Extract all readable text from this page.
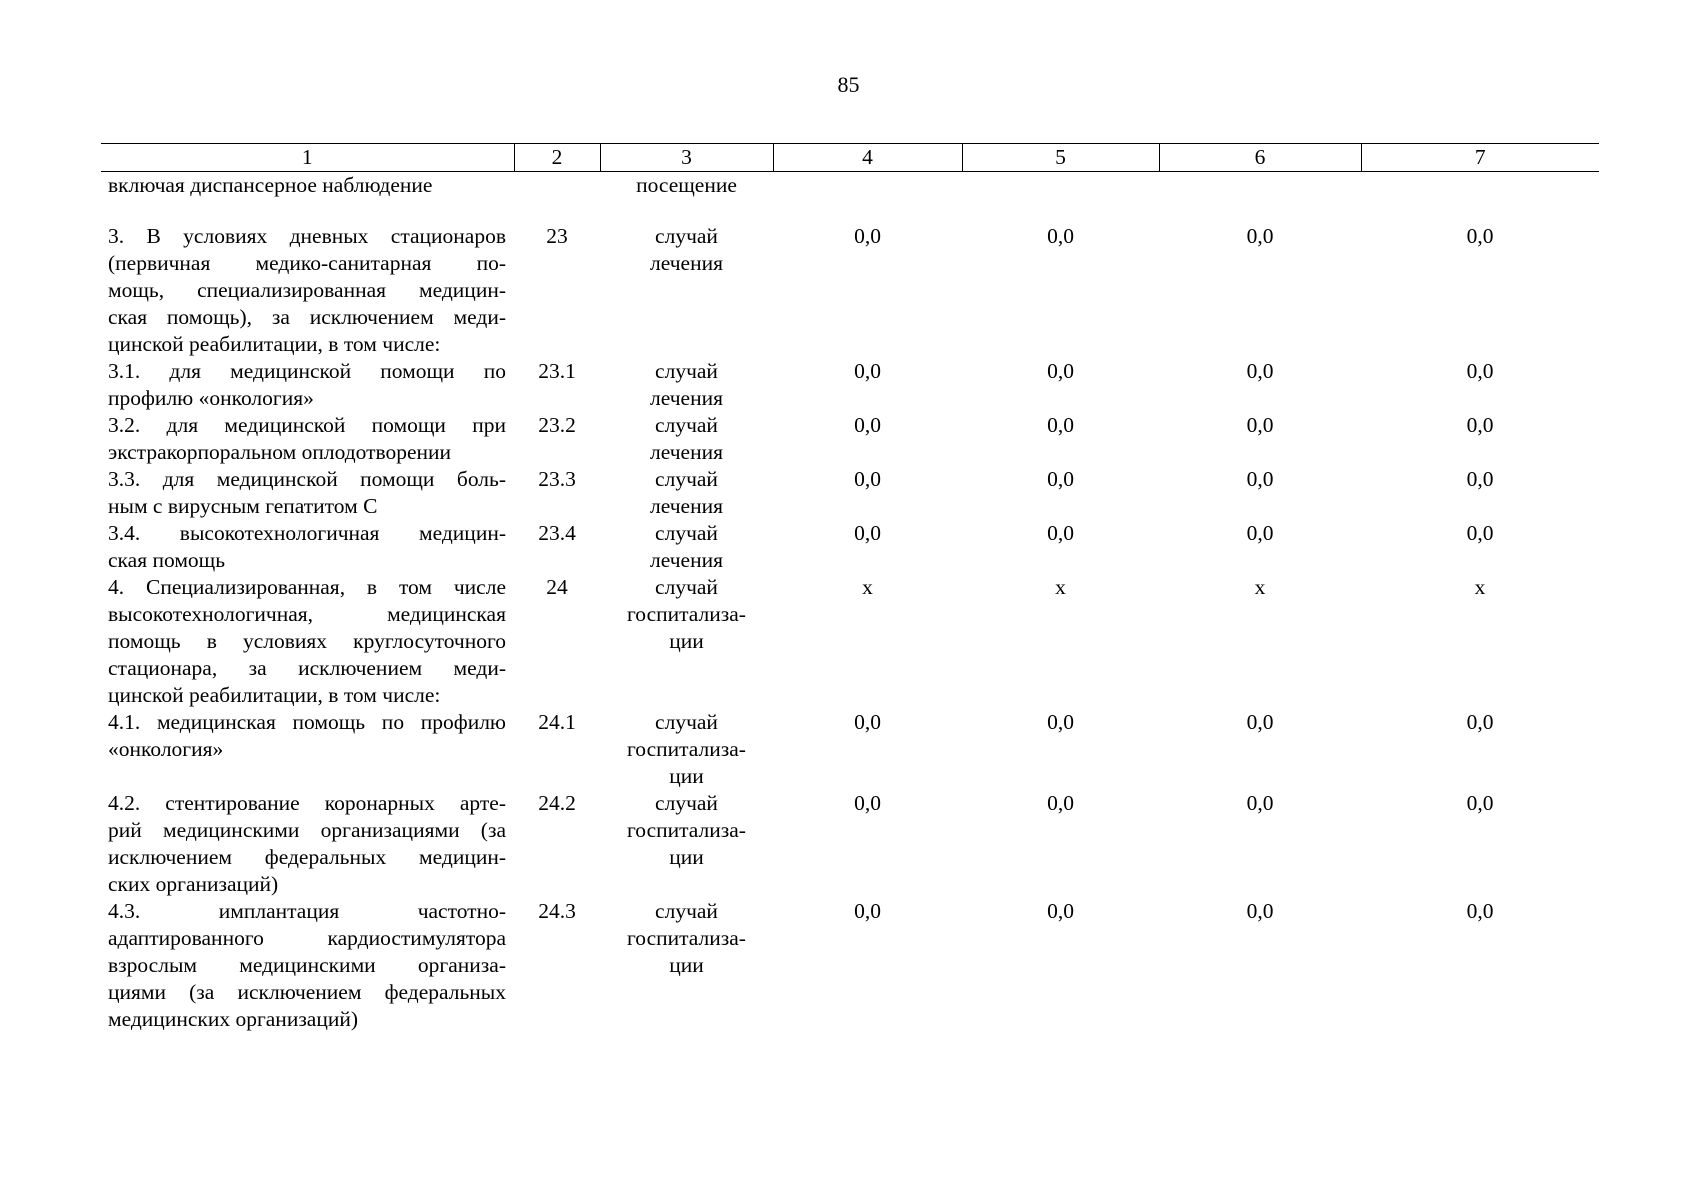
85
1	2	3	4	5	6	7

включая диспансерное наблюдение		посещение				

3. В условиях дневных стационаров
(первичная медико-санитарная по-
мощь, специализированная медицин-
ская помощь), за исключением меди-
цинской реабилитации, в том числе:	23	случай
лечения	0,0	0,0	0,0	0,0

3.1. для медицинской помощи по
профилю «онкология»	23.1	случай
лечения	0,0	0,0	0,0	0,0

3.2. для медицинской помощи при
экстракорпоральном оплодотворении	23.2	случай
лечения	0,0	0,0	0,0	0,0

3.3. для медицинской помощи боль-
ным с вирусным гепатитом С	23.3	случай
лечения	0,0	0,0	0,0	0,0

3.4. высокотехнологичная медицин-
ская помощь	23.4	случай
лечения	0,0	0,0	0,0	0,0

4. Специализированная, в том числе
высокотехнологичная, медицинская
помощь в условиях круглосуточного
стационара, за исключением меди-
цинской реабилитации, в том числе:	24	случай
госпитализа-
ции	х	х	х	х

4.1. медицинская помощь по профилю
«онкология»	24.1	случай
госпитализа-
ции	0,0	0,0	0,0	0,0

4.2. стентирование коронарных арте-
рий медицинскими организациями (за
исключением федеральных медицин-
ских организаций)	24.2	случай
госпитализа-
ции	0,0	0,0	0,0	0,0

4.3. имплантация частотно-
адаптированного кардиостимулятора
взрослым медицинскими организа-
циями (за исключением федеральных
медицинских организаций)	24.3	случай
госпитализа-
ции	0,0	0,0	0,0	0,0
